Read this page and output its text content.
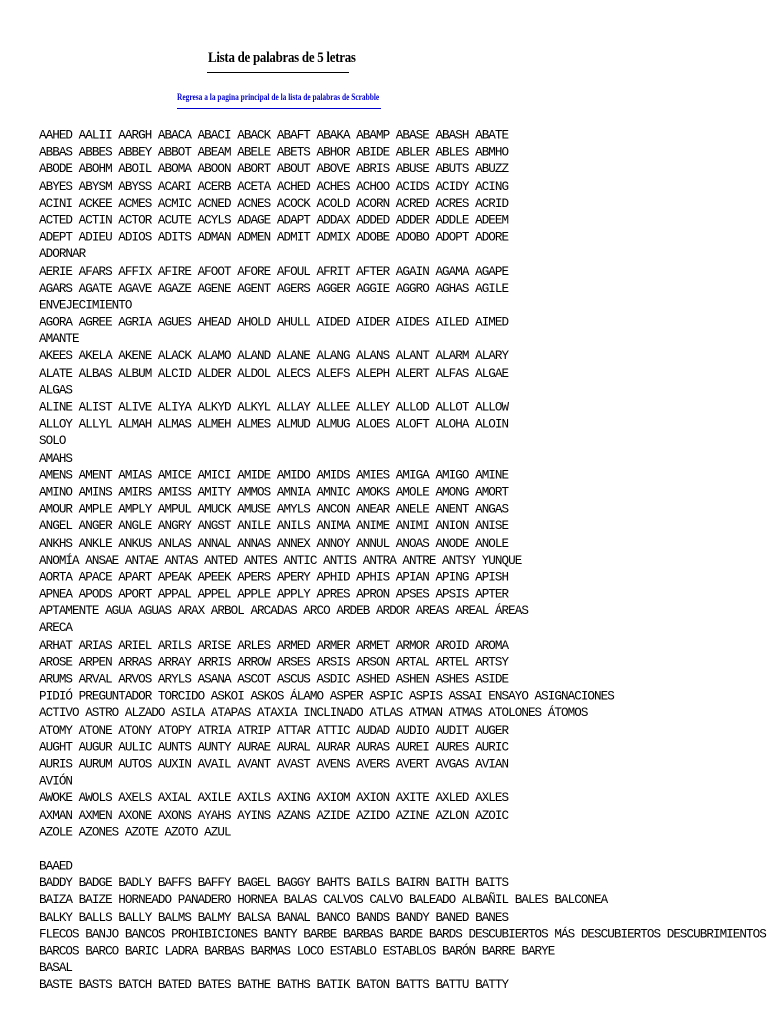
Lista de palabras de 5 letras
Regresa a la pagina principal de la lista de palabras de Scrabble
AAHED AALII AARGH ABACA ABACI ABACK ABAFT ABAKA ABAMP ABASE ABASH ABATE
ABBAS ABBES ABBEY ABBOT ABEAM ABELE ABETS ABHOR ABIDE ABLER ABLES ABMHO
ABODE ABOHM ABOIL ABOMA ABOON ABORT ABOUT ABOVE ABRIS ABUSE ABUTS ABUZZ
ABYES ABYSM ABYSS ACARI ACERB ACETA ACHED ACHES ACHOO ACIDS ACIDY ACING
ACINI ACKEE ACMES ACMIC ACNED ACNES ACOCK ACOLD ACORN ACRED ACRES ACRID
ACTED ACTIN ACTOR ACUTE ACYLS ADAGE ADAPT ADDAX ADDED ADDER ADDLE ADEEM
ADEPT ADIEU ADIOS ADITS ADMAN ADMEN ADMIT ADMIX ADOBE ADOBO ADOPT ADORE
ADORNAR
AERIE AFARS AFFIX AFIRE AFOOT AFORE AFOUL AFRIT AFTER AGAIN AGAMA AGAPE
AGARS AGATE AGAVE AGAZE AGENE AGENT AGERS AGGER AGGIE AGGRO AGHAS AGILE
ENVEJECIMIENTO
AGORA AGREE AGRIA AGUES AHEAD AHOLD AHULL AIDED AIDER AIDES AILED AIMED
AMANTE
AKEES AKELA AKENE ALACK ALAMO ALAND ALANE ALANG ALANS ALANT ALARM ALARY
ALATE ALBAS ALBUM ALCID ALDER ALDOL ALECS ALEFS ALEPH ALERT ALFAS ALGAE
ALGAS
ALINE ALIST ALIVE ALIYA ALKYD ALKYL ALLAY ALLEE ALLEY ALLOD ALLOT ALLOW
ALLOY ALLYL ALMAH ALMAS ALMEH ALMES ALMUD ALMUG ALOES ALOFT ALOHA ALOIN
SOLO
AMAHS
AMENS AMENT AMIAS AMICE AMICI AMIDE AMIDO AMIDS AMIES AMIGA AMIGO AMINE
AMINO AMINS AMIRS AMISS AMITY AMMOS AMNIA AMNIC AMOKS AMOLE AMONG AMORT
AMOUR AMPLE AMPLY AMPUL AMUCK AMUSE AMYLS ANCON ANEAR ANELE ANENT ANGAS
ANGEL ANGER ANGLE ANGRY ANGST ANILE ANILS ANIMA ANIME ANIMI ANION ANISE
ANKHS ANKLE ANKUS ANLAS ANNAL ANNAS ANNEX ANNOY ANNUL ANOAS ANODE ANOLE
ANOMÍA ANSAE ANTAE ANTAS ANTED ANTES ANTIC ANTIS ANTRA ANTRE ANTSY YUNQUE
AORTA APACE APART APEAK APEEK APERS APERY APHID APHIS APIAN APING APISH
APNEA APODS APORT APPAL APPEL APPLE APPLY APRES APRON APSES APSIS APTER
APTAMENTE AGUA AGUAS ARAX ARBOL ARCADAS ARCO ARDEB ARDOR AREAS AREAL ÁREAS
ARECA
ARHAT ARIAS ARIEL ARILS ARISE ARLES ARMED ARMER ARMET ARMOR AROID AROMA
AROSE ARPEN ARRAS ARRAY ARRIS ARROW ARSES ARSIS ARSON ARTAL ARTEL ARTSY
ARUMS ARVAL ARVOS ARYLS ASANA ASCOT ASCUS ASDIC ASHED ASHEN ASHES ASIDE
PIDIÓ PREGUNTADOR TORCIDO ASKOI ASKOS ÁLAMO ASPER ASPIC ASPIS ASSAI ENSAYO ASIGNACIONES
ACTIVO ASTRO ALZADO ASILA ATAPAS ATAXIA INCLINADO ATLAS ATMAN ATMAS ATOLONES ÁTOMOS
ATOMY ATONE ATONY ATOPY ATRIA ATRIP ATTAR ATTIC AUDAD AUDIO AUDIT AUGER
AUGHT AUGUR AULIC AUNTS AUNTY AURAE AURAL AURAR AURAS AUREI AURES AURIC
AURIS AURUM AUTOS AUXIN AVAIL AVANT AVAST AVENS AVERS AVERT AVGAS AVIAN
AVIÓN
AWOKE AWOLS AXELS AXIAL AXILE AXILS AXING AXIOM AXION AXITE AXLED AXLES
AXMAN AXMEN AXONE AXONS AYAHS AYINS AZANS AZIDE AZIDO AZINE AZLON AZOIC
AZOLE AZONES AZOTE AZOTO AZUL
BAAED
BADDY BADGE BADLY BAFFS BAFFY BAGEL BAGGY BAHTS BAILS BAIRN BAITH BAITS
BAIZA BAIZE HORNEADO PANADERO HORNEA BALAS CALVOS CALVO BALEADO ALBAÑIL BALES BALCONEA
BALKY BALLS BALLY BALMS BALMY BALSA BANAL BANCO BANDS BANDY BANED BANES
FLECOS BANJO BANCOS PROHIBICIONES BANTY BARBE BARBAS BARDE BARDS DESCUBIERTOS MÁS DESCUBIERTOS DESCUBRIMIENTOS
BARCOS BARCO BARIC LADRA BARBAS BARMAS LOCO ESTABLO ESTABLOS BARÓN BARRE BARYE
BASAL
BASTE BASTS BATCH BATED BATES BATHE BATHS BATIK BATON BATTS BATTU BATTY
